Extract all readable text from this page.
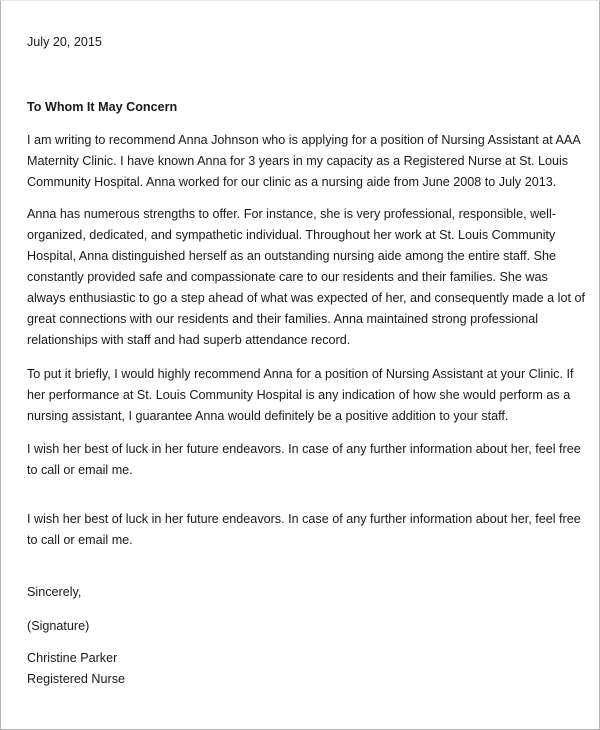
July 20, 2015
To Whom It May Concern
I am writing to recommend Anna Johnson who is applying for a position of Nursing Assistant at AAA
Maternity Clinic. I have known Anna for 3 years in my capacity as a Registered Nurse at St. Louis
Community Hospital. Anna worked for our clinic as a nursing aide from June 2008 to July 2013.
Anna has numerous strengths to offer. For instance, she is very professional, responsible, well-
organized, dedicated, and sympathetic individual. Throughout her work at St. Louis Community
Hospital, Anna distinguished herself as an outstanding nursing aide among the entire staff. She
constantly provided safe and compassionate care to our residents and their families. She was
always enthusiastic to go a step ahead of what was expected of her, and consequently made a lot of
great connections with our residents and their families. Anna maintained strong professional
relationships with staff and had superb attendance record.
To put it briefly, I would highly recommend Anna for a position of Nursing Assistant at your Clinic. If
her performance at St. Louis Community Hospital is any indication of how she would perform as a
nursing assistant, I guarantee Anna would definitely be a positive addition to your staff.
I wish her best of luck in her future endeavors. In case of any further information about her, feel free
to call or email me.
I wish her best of luck in her future endeavors. In case of any further information about her, feel free
to call or email me.
Sincerely,
(Signature)
Christine Parker
Registered Nurse
